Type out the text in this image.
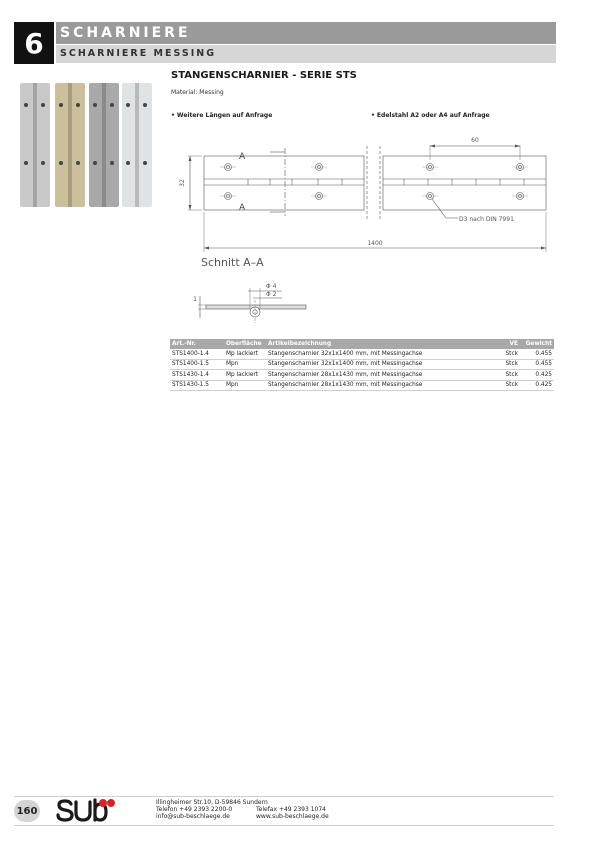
6	SCHARNIERE
SCHARNIERE MESSING
STANGENSCHARNIER - SERIE STS
Material: Messing
• Weitere Längen auf Anfrage	• Edelstahl A2 oder A4 auf Anfrage
60
32
1400
D3 nach DIN 7991
A
A
Schnitt A–A
Φ 4
Φ 2
1
Art.-Nr.	Oberfläche	Artikelbezeichnung	VE	Gewicht
STS1400-1.4	Mp lackiert	Stangenscharnier 32x1x1400 mm, mit Messingachse	Stck	0.455
STS1400-1.5	Mpn	Stangenscharnier 32x1x1400 mm, mit Messingachse	Stck	0.455
STS1430-1.4	Mp lackiert	Stangenscharnier 28x1x1430 mm, mit Messingachse	Stck	0.425
STS1430-1.5	Mpn	Stangenscharnier 28x1x1430 mm, mit Messingachse	Stck	0.425
160
Illingheimer Str.10, D-59846 Sundern
Telefon +49 2393 2200-0
info@sub-beschlaege.de
Telefax +49 2393 1074
www.sub-beschlaege.de
